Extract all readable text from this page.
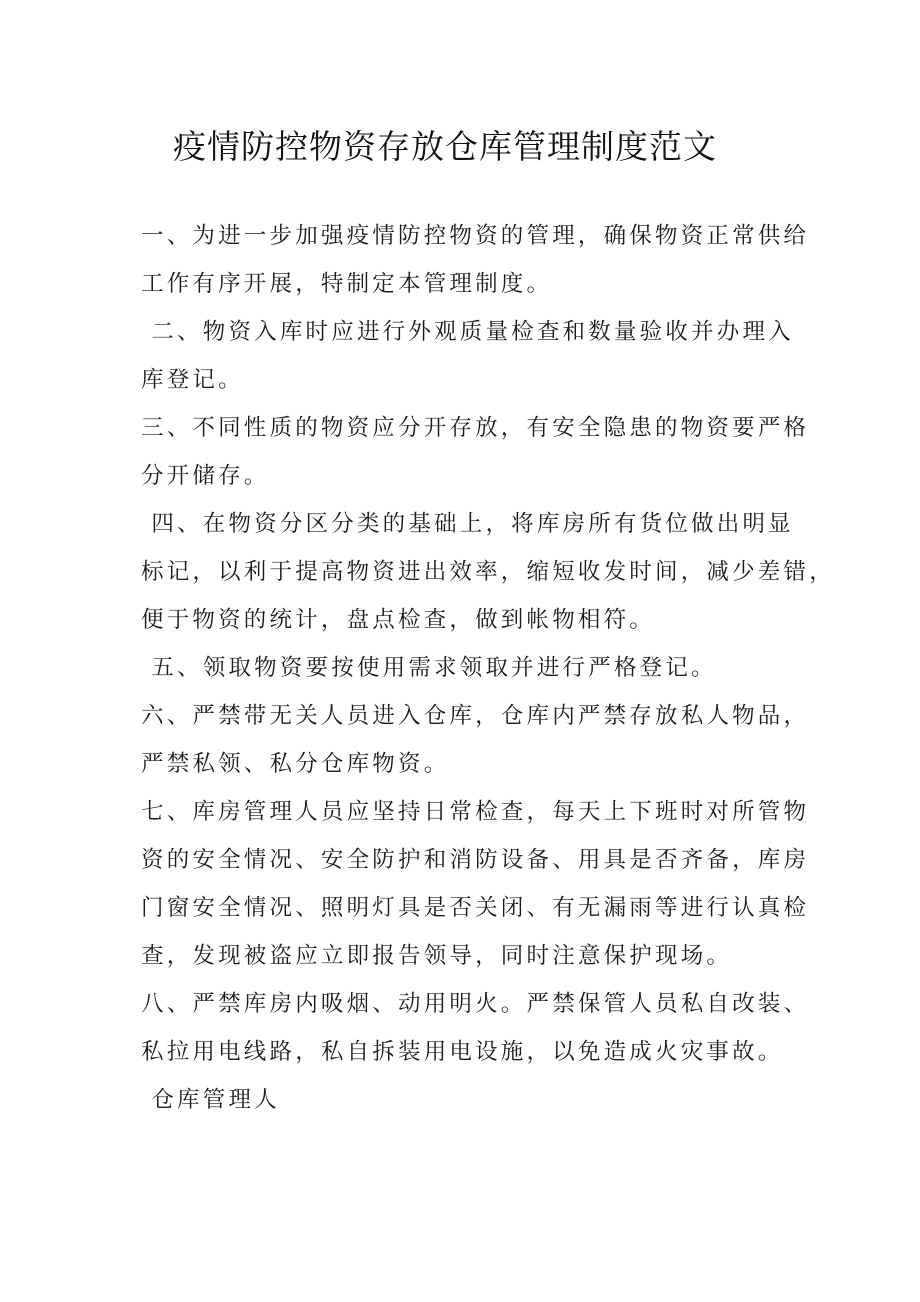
疫情防控物资存放仓库管理制度范文
一、为进一步加强疫情防控物资的管理，确保物资正常供给
工作有序开展，特制定本管理制度。
二、物资入库时应进行外观质量检查和数量验收并办理入
库登记。
三、不同性质的物资应分开存放，有安全隐患的物资要严格
分开储存。
四、在物资分区分类的基础上，将库房所有货位做出明显
标记，以利于提高物资进出效率，缩短收发时间，减少差错，
便于物资的统计，盘点检查，做到帐物相符。
五、领取物资要按使用需求领取并进行严格登记。
六、严禁带无关人员进入仓库，仓库内严禁存放私人物品，
严禁私领、私分仓库物资。
七、库房管理人员应坚持日常检查，每天上下班时对所管物
资的安全情况、安全防护和消防设备、用具是否齐备，库房
门窗安全情况、照明灯具是否关闭、有无漏雨等进行认真检
查，发现被盗应立即报告领导，同时注意保护现场。
八、严禁库房内吸烟、动用明火。严禁保管人员私自改装、
私拉用电线路，私自拆装用电设施，以免造成火灾事故。
仓库管理人
